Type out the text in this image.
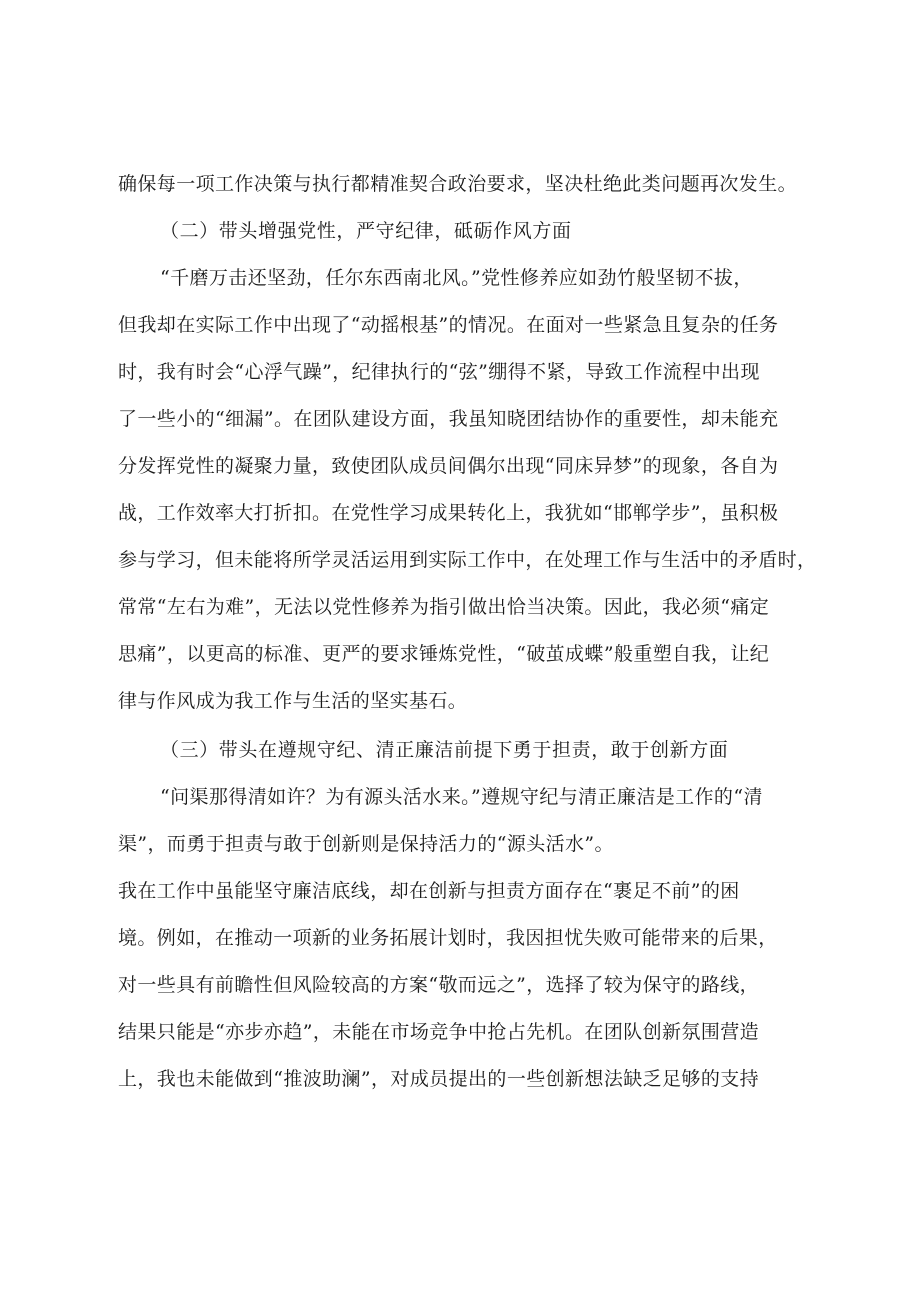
确保每一项工作决策与执行都精准契合政治要求，坚决杜绝此类问题再次发生。
（二）带头增强党性，严守纪律，砥砺作风方面
“千磨万击还坚劲，任尔东西南北风。”党性修养应如劲竹般坚韧不拔，
但我却在实际工作中出现了“动摇根基”的情况。在面对一些紧急且复杂的任务
时，我有时会“心浮气躁”，纪律执行的“弦”绷得不紧，导致工作流程中出现
了一些小的“细漏”。在团队建设方面，我虽知晓团结协作的重要性，却未能充
分发挥党性的凝聚力量，致使团队成员间偶尔出现“同床异梦”的现象，各自为
战，工作效率大打折扣。在党性学习成果转化上，我犹如“邯郸学步”，虽积极
参与学习，但未能将所学灵活运用到实际工作中，在处理工作与生活中的矛盾时，
常常“左右为难”，无法以党性修养为指引做出恰当决策。因此，我必须“痛定
思痛”，以更高的标准、更严的要求锤炼党性，“破茧成蝶”般重塑自我，让纪
律与作风成为我工作与生活的坚实基石。
（三）带头在遵规守纪、清正廉洁前提下勇于担责，敢于创新方面
“问渠那得清如许？为有源头活水来。”遵规守纪与清正廉洁是工作的“清
渠”，而勇于担责与敢于创新则是保持活力的“源头活水”。
我在工作中虽能坚守廉洁底线，却在创新与担责方面存在“裹足不前”的困
境。例如，在推动一项新的业务拓展计划时，我因担忧失败可能带来的后果，
对一些具有前瞻性但风险较高的方案“敬而远之”，选择了较为保守的路线，
结果只能是“亦步亦趋”，未能在市场竞争中抢占先机。在团队创新氛围营造
上，我也未能做到“推波助澜”，对成员提出的一些创新想法缺乏足够的支持
